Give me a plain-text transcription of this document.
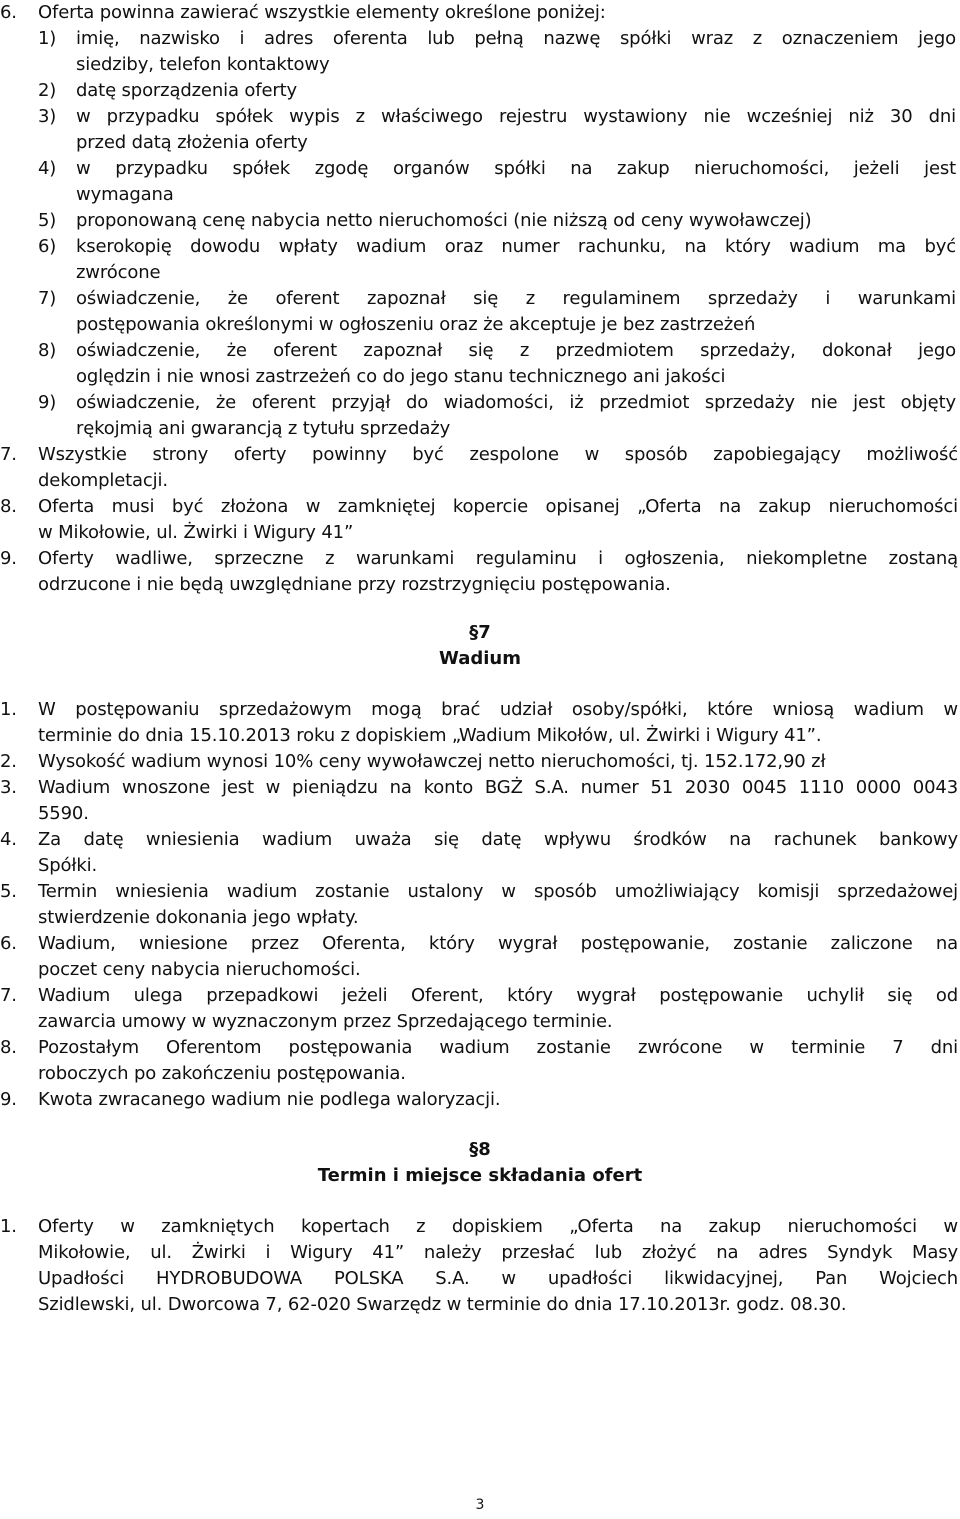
6. Oferta powinna zawierać wszystkie elementy określone poniżej:
1) imię, nazwisko i adres oferenta lub pełną nazwę spółki wraz z oznaczeniem jego
siedziby, telefon kontaktowy
2) datę sporządzenia oferty
3) w przypadku spółek wypis z właściwego rejestru wystawiony nie wcześniej niż 30 dni
przed datą złożenia oferty
4) w przypadku spółek zgodę organów spółki na zakup nieruchomości, jeżeli jest
wymagana
5) proponowaną cenę nabycia netto nieruchomości (nie niższą od ceny wywoławczej)
6) kserokopię dowodu wpłaty wadium oraz numer rachunku, na który wadium ma być
zwrócone
7) oświadczenie, że oferent zapoznał się z regulaminem sprzedaży i warunkami
postępowania określonymi w ogłoszeniu oraz że akceptuje je bez zastrzeżeń
8) oświadczenie, że oferent zapoznał się z przedmiotem sprzedaży, dokonał jego
oględzin i nie wnosi zastrzeżeń co do jego stanu technicznego ani jakości
9) oświadczenie, że oferent przyjął do wiadomości, iż przedmiot sprzedaży nie jest objęty
rękojmią ani gwarancją z tytułu sprzedaży
7. Wszystkie strony oferty powinny być zespolone w sposób zapobiegający możliwość
dekompletacji.
8. Oferta musi być złożona w zamkniętej kopercie opisanej „Oferta na zakup nieruchomości
w Mikołowie, ul. Żwirki i Wigury 41”
9. Oferty wadliwe, sprzeczne z warunkami regulaminu i ogłoszenia, niekompletne zostaną
odrzucone i nie będą uwzględniane przy rozstrzygnięciu postępowania.
§7
Wadium
1. W postępowaniu sprzedażowym mogą brać udział osoby/spółki, które wniosą wadium w
terminie do dnia 15.10.2013 roku z dopiskiem „Wadium Mikołów, ul. Żwirki i Wigury 41”.
2. Wysokość wadium wynosi 10% ceny wywoławczej netto nieruchomości, tj. 152.172,90 zł
3. Wadium wnoszone jest w pieniądzu na konto BGŻ S.A. numer 51 2030 0045 1110 0000 0043
5590.
4. Za datę wniesienia wadium uważa się datę wpływu środków na rachunek bankowy
Spółki.
5. Termin wniesienia wadium zostanie ustalony w sposób umożliwiający komisji sprzedażowej
stwierdzenie dokonania jego wpłaty.
6. Wadium, wniesione przez Oferenta, który wygrał postępowanie, zostanie zaliczone na
poczet ceny nabycia nieruchomości.
7. Wadium ulega przepadkowi jeżeli Oferent, który wygrał postępowanie uchylił się od
zawarcia umowy w wyznaczonym przez Sprzedającego terminie.
8. Pozostałym Oferentom postępowania wadium zostanie zwrócone w terminie 7 dni
roboczych po zakończeniu postępowania.
9. Kwota zwracanego wadium nie podlega waloryzacji.
§8
Termin i miejsce składania ofert
1. Oferty w zamkniętych kopertach z dopiskiem „Oferta na zakup nieruchomości w
Mikołowie, ul. Żwirki i Wigury 41” należy przesłać lub złożyć na adres Syndyk Masy
Upadłości HYDROBUDOWA POLSKA S.A. w upadłości likwidacyjnej, Pan Wojciech
Szidlewski, ul. Dworcowa 7, 62-020 Swarzędz w terminie do dnia 17.10.2013r. godz. 08.30.
3
